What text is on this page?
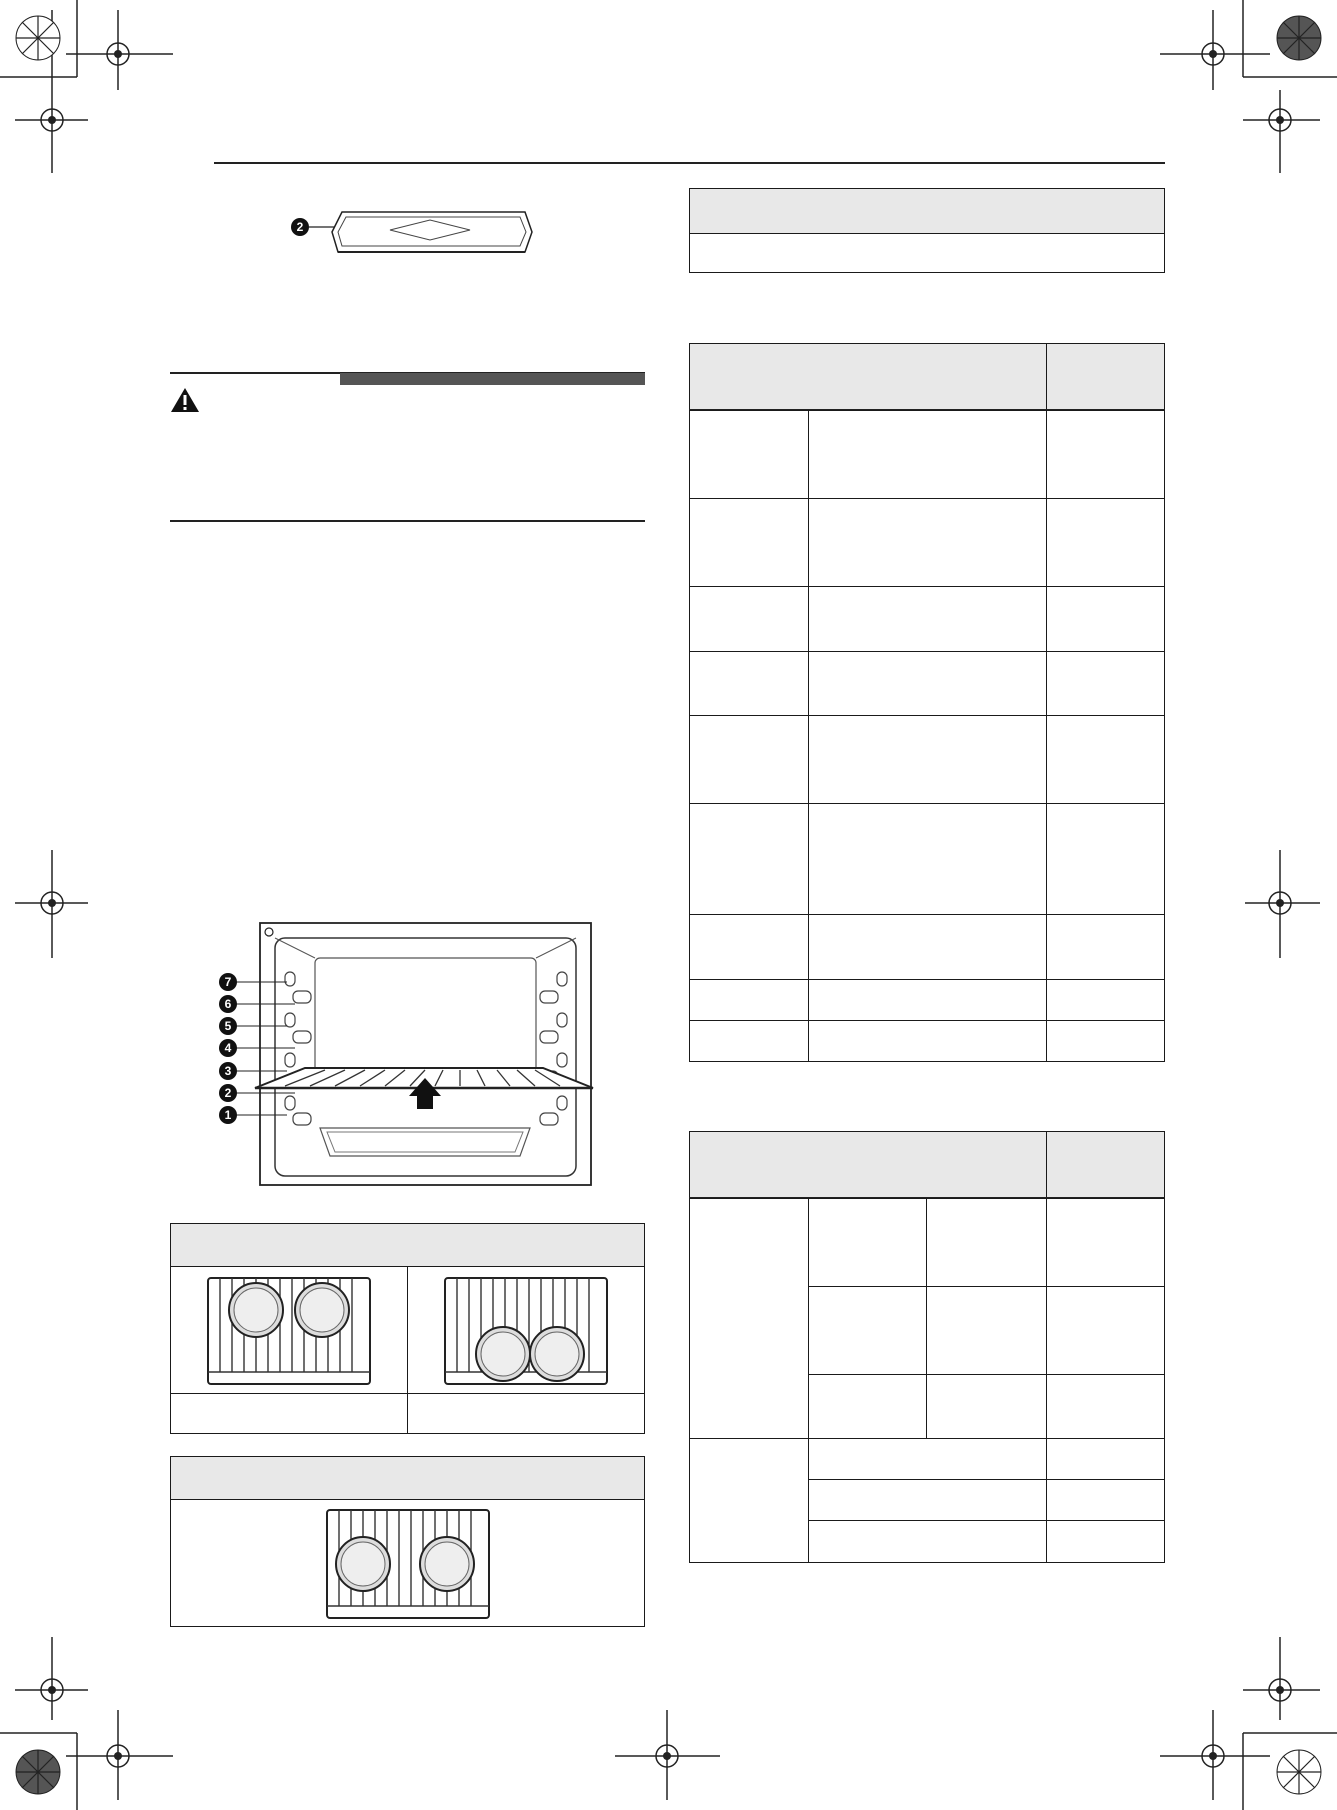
2
7
6
5
4
3
2
1
